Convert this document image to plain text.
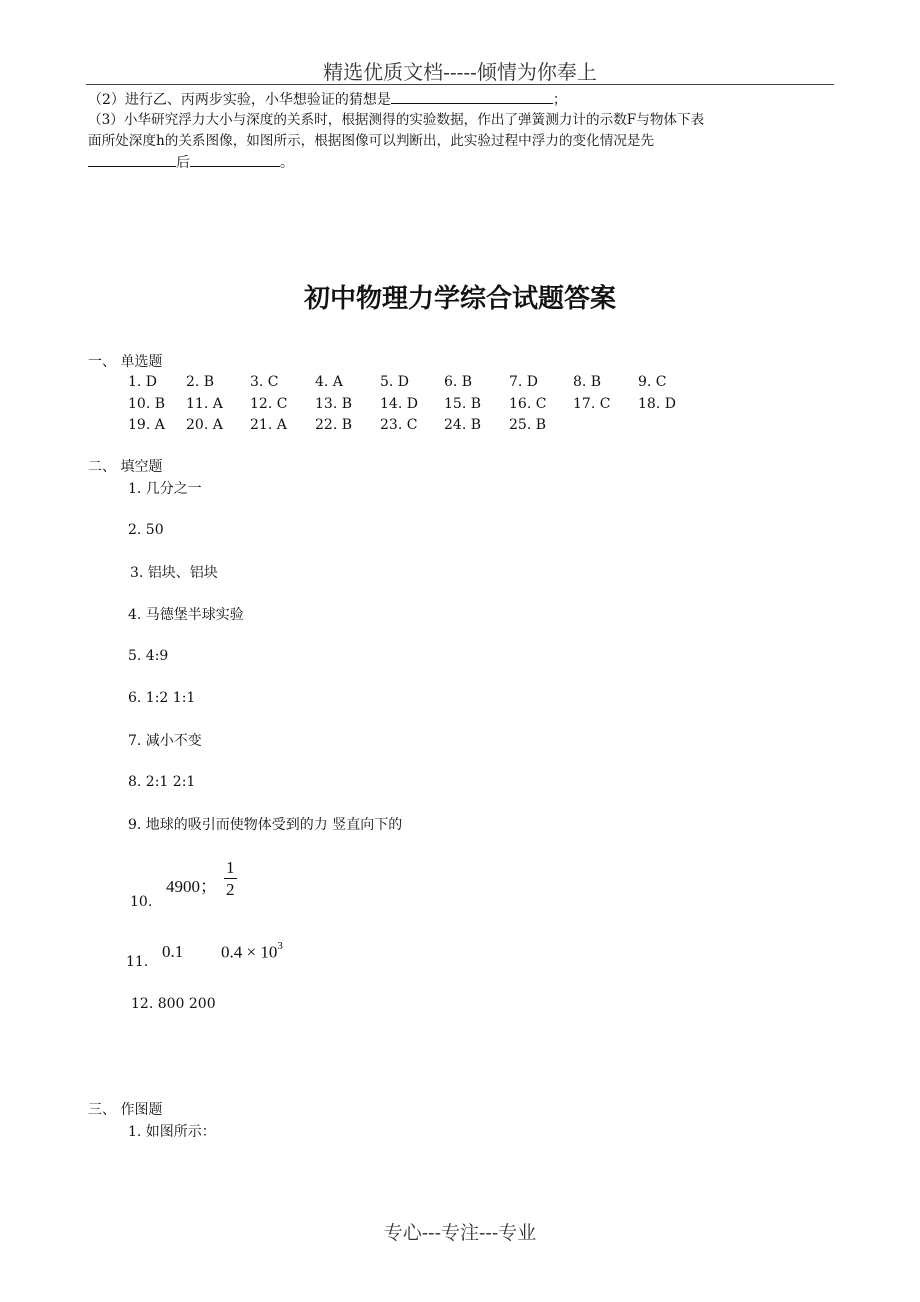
精选优质文档-----倾情为你奉上
（2）进行乙、丙两步实验，小华想验证的猜想是	；
（3）小华研究浮力大小与深度的关系时，根据测得的实验数据，作出了弹簧测力计的示数F与物体下表
面所处深度h的关系图像，如图所示，根据图像可以判断出，此实验过程中浮力的变化情况是先
后	。
初中物理力学综合试题答案
一、 单选题
1. D 2. B	3. C	4. A	5. D 6. B	7. D 8. B	9. C
10. B 11. A 12. C 13. B 14. D 15. B 16. C 17. C 18. D
19. A 20. A 21. A 22. B 23. C 24. B 25. B
二、 填空题
1. 几分之一
2. 50
3. 铝块、铝块
4. 马德堡半球实验
5. 4:9
6. 1:2 1:1
7. 减小不变
8. 2:1 2:1
9. 地球的吸引而使物体受到的力 竖直向下的
10.
4900； $\frac{1}{2}$
11.
0.1 $0.4 \times 10^3$
12. 800 200
三、 作图题
1. 如图所示：
专心---专注---专业
